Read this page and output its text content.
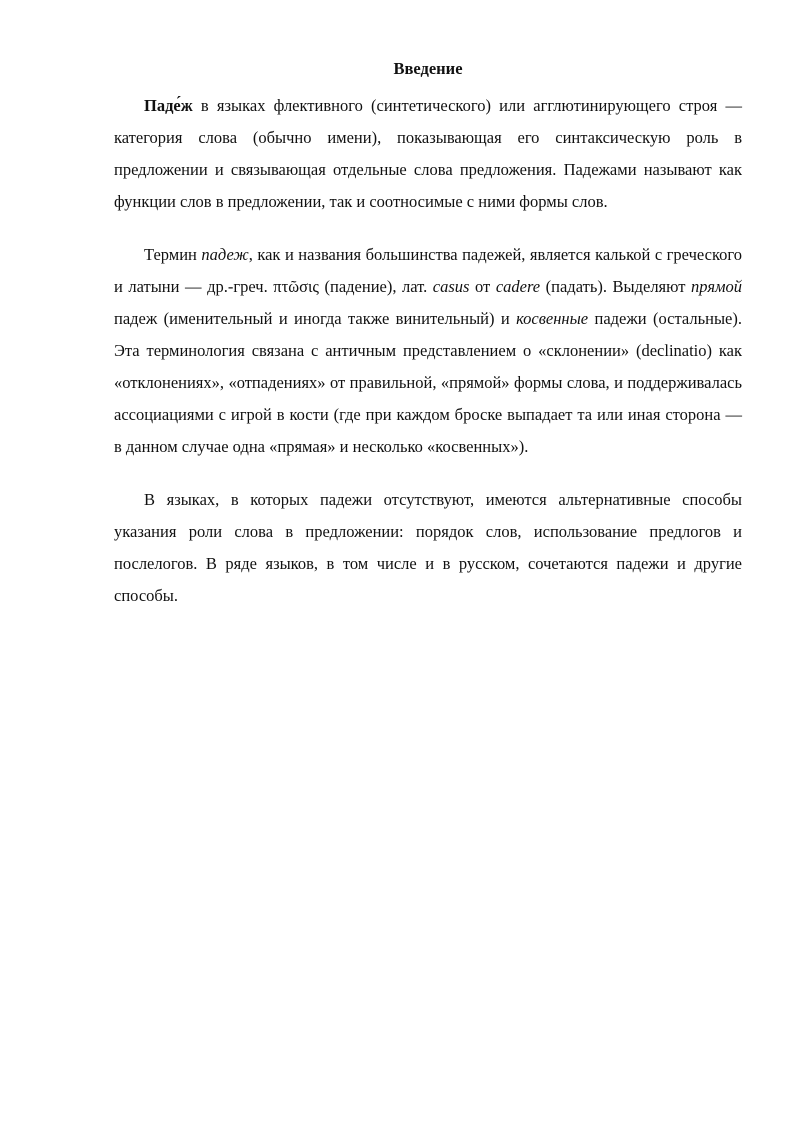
Введение

Паде́ж в языках флективного (синтетического) или агглютинирующего строя — категория слова (обычно имени), показывающая его синтаксическую роль в предложении и связывающая отдельные слова предложения. Падежами называют как функции слов в предложении, так и соотносимые с ними формы слов.

Термин падеж, как и названия большинства падежей, является калькой с греческого и латыни — др.-греч. πτῶσις (падение), лат. casus от cadere (падать). Выделяют прямой падеж (именительный и иногда также винительный) и косвенные падежи (остальные). Эта терминология связана с античным представлением о «склонении» (declinatio) как «отклонениях», «отпадениях» от правильной, «прямой» формы слова, и поддерживалась ассоциациями с игрой в кости (где при каждом броске выпадает та или иная сторона — в данном случае одна «прямая» и несколько «косвенных»).

В языках, в которых падежи отсутствуют, имеются альтернативные способы указания роли слова в предложении: порядок слов, использование предлогов и послелогов. В ряде языков, в том числе и в русском, сочетаются падежи и другие способы.
